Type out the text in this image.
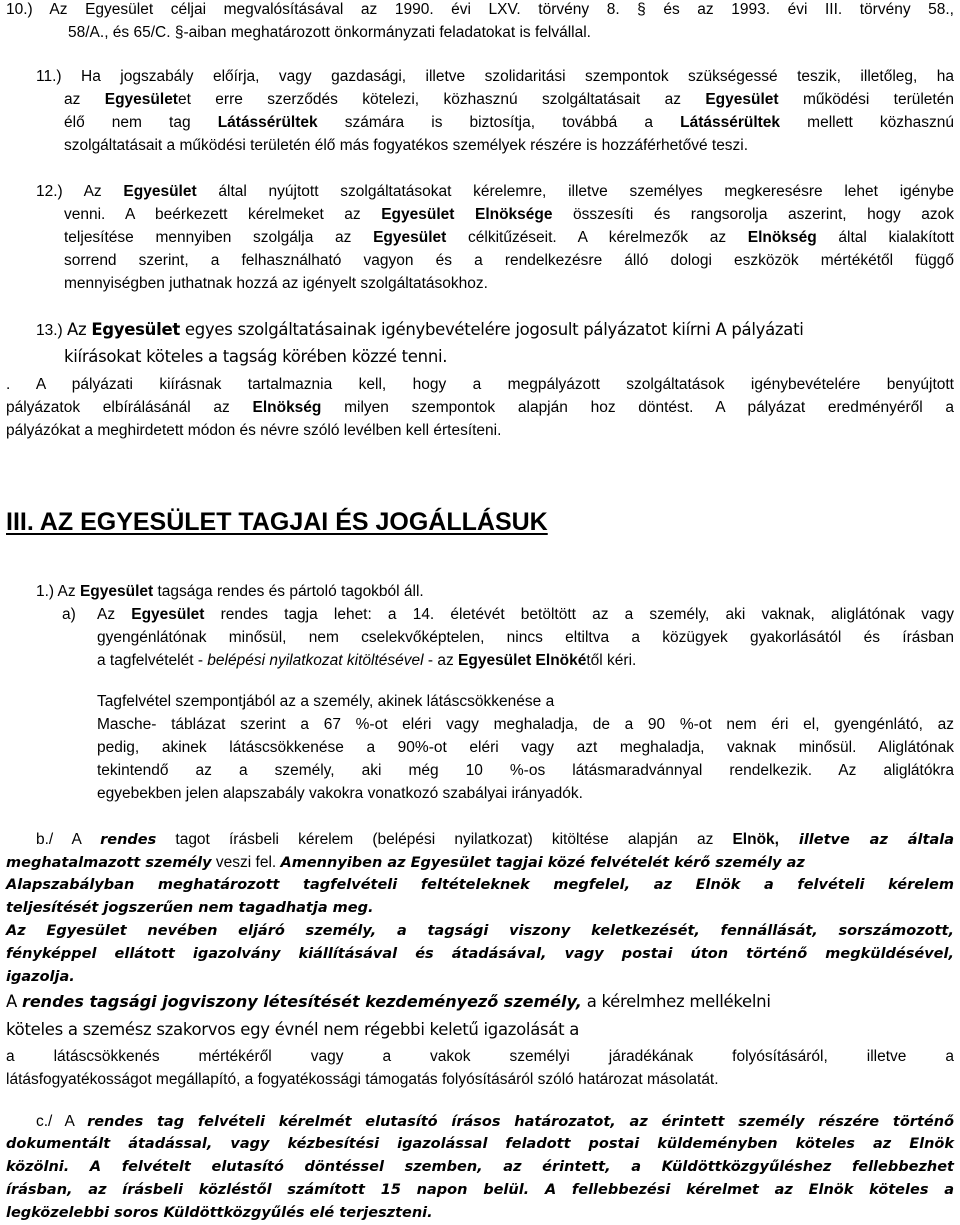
10.) Az Egyesület céljai megvalósításával az 1990. évi LXV. törvény 8. § és az 1993. évi III. törvény 58.,
58/A., és 65/C. §-aiban meghatározott önkormányzati feladatokat is felvállal.
11.) Ha jogszabály előírja, vagy gazdasági, illetve szolidaritási szempontok szükségessé teszik, illetőleg, ha
az Egyesületet erre szerződés kötelezi, közhasznú szolgáltatásait az Egyesület működési területén
élő nem tag Látássérültek számára is biztosítja, továbbá a Látássérültek mellett közhasznú
szolgáltatásait a működési területén élő más fogyatékos személyek részére is hozzáférhetővé teszi.
12.) Az Egyesület által nyújtott szolgáltatásokat kérelemre, illetve személyes megkeresésre lehet igénybe
venni. A beérkezett kérelmeket az Egyesület Elnöksége összesíti és rangsorolja aszerint, hogy azok
teljesítése mennyiben szolgálja az Egyesület célkitűzéseit. A kérelmezők az Elnökség által kialakított
sorrend szerint, a felhasználható vagyon és a rendelkezésre álló dologi eszközök mértékétől függő
mennyiségben juthatnak hozzá az igényelt szolgáltatásokhoz.
13.) Az Egyesület egyes szolgáltatásainak igénybevételére jogosult pályázatot kiírni A pályázati
kiírásokat köteles a tagság körében közzé tenni.
. A pályázati kiírásnak tartalmaznia kell, hogy a megpályázott szolgáltatások igénybevételére benyújtott
pályázatok elbírálásánál az Elnökség milyen szempontok alapján hoz döntést. A pályázat eredményéről a
pályázókat a meghirdetett módon és névre szóló levélben kell értesíteni.
III. AZ EGYESÜLET TAGJAI ÉS JOGÁLLÁSUK
1.) Az Egyesület tagsága rendes és pártoló tagokból áll.
a)	Az Egyesület rendes tagja lehet: a 14. életévét betöltött az a személy, aki vaknak, aliglátónak vagy
gyengénlátónak minősül, nem cselekvőképtelen, nincs eltiltva a közügyek gyakorlásától és írásban
a tagfelvételét - belépési nyilatkozat kitöltésével - az Egyesület Elnökétől kéri.
Tagfelvétel szempontjából az a személy, akinek látáscsökkenése a
Masche- táblázat szerint a 67 %-ot eléri vagy meghaladja, de a 90 %-ot nem éri el, gyengénlátó, az
pedig, akinek látáscsökkenése a 90%-ot eléri vagy azt meghaladja, vaknak minősül. Aliglátónak
tekintendő az a személy, aki még 10 %-os látásmaradvánnyal rendelkezik. Az aliglátókra
egyebekben jelen alapszabály vakokra vonatkozó szabályai irányadók.
b./ A rendes tagot írásbeli kérelem (belépési nyilatkozat) kitöltése alapján az Elnök, illetve az általa
meghatalmazott személy veszi fel. Amennyiben az Egyesület tagjai közé felvételét kérő személy az
Alapszabályban meghatározott tagfelvételi feltételeknek megfelel, az Elnök a felvételi kérelem
teljesítését jogszerűen nem tagadhatja meg.
Az Egyesület nevében eljáró személy, a tagsági viszony keletkezését, fennállását, sorszámozott,
fényképpel ellátott igazolvány kiállításával és átadásával, vagy postai úton történő megküldésével,
igazolja.
A rendes tagsági jogviszony létesítését kezdeményező személy, a kérelmhez mellékelni
köteles a szemész szakorvos egy évnél nem régebbi keletű igazolását a
a látáscsökkenés mértékéről vagy a vakok személyi járadékának folyósításáról, illetve a
látásfogyatékosságot megállapító, a fogyatékossági támogatás folyósításáról szóló határozat másolatát.
c./ A rendes tag felvételi kérelmét elutasító írásos határozatot, az érintett személy részére történő
dokumentált átadással, vagy kézbesítési igazolással feladott postai küldeményben köteles az Elnök
közölni. A felvételt elutasító döntéssel szemben, az érintett, a Küldöttközgyűléshez fellebbezhet
írásban, az írásbeli közléstől számított 15 napon belül. A fellebbezési kérelmet az Elnök köteles a
legközelebbi soros Küldöttközgyűlés elé terjeszteni.
